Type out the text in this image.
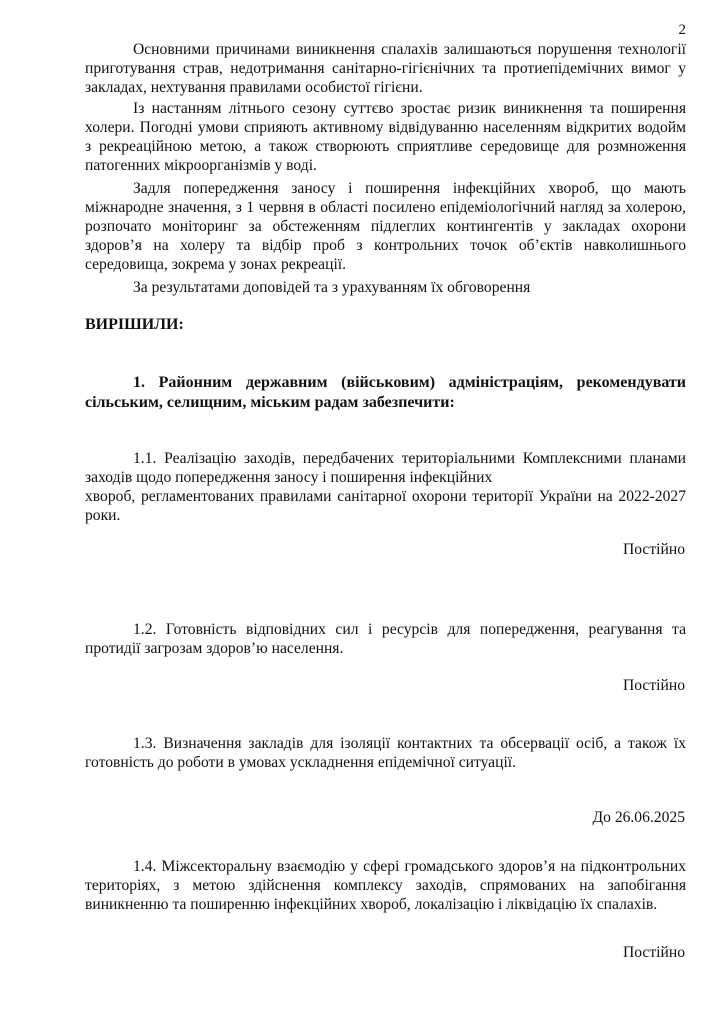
2

Основними причинами виникнення спалахів залишаються порушення технології приготування страв, недотримання санітарно-гігієнічних та протиепідемічних вимог у закладах, нехтування правилами особистої гігієни.

Із настанням літнього сезону суттєво зростає ризик виникнення та поширення холери. Погодні умови сприяють активному відвідуванню населенням відкритих водойм з рекреаційною метою, а також створюють сприятливе середовище для розмноження патогенних мікроорганізмів у воді.

Задля попередження заносу і поширення інфекційних хвороб, що мають міжнародне значення, з 1 червня в області посилено епідеміологічний нагляд за холерою, розпочато моніторинг за обстеженням підлеглих контингентів у закладах охорони здоров’я на холеру та відбір проб з контрольних точок об’єктів навколишнього середовища, зокрема у зонах рекреації.

За результатами доповідей та з урахуванням їх обговорення

ВИРІШИЛИ:

1. Районним державним (військовим) адміністраціям, рекомендувати сільським, селищним, міським радам забезпечити:

1.1. Реалізацію заходів, передбачених територіальними Комплексними планами заходів щодо попередження заносу і поширення інфекційних

хвороб, регламентованих правилами санітарної охорони території України на 2022-2027 роки.

Постійно

1.2. Готовність відповідних сил і ресурсів для попередження, реагування та протидії загрозам здоров’ю населення.

Постійно

1.3. Визначення закладів для ізоляції контактних та обсервації осіб, а також їх готовність до роботи в умовах ускладнення епідемічної ситуації.

До 26.06.2025

1.4. Міжсекторальну взаємодію у сфері громадського здоров’я на підконтрольних територіях, з метою здійснення комплексу заходів, спрямованих на запобігання виникненню та поширенню інфекційних хвороб, локалізацію і ліквідацію їх спалахів.

Постійно
